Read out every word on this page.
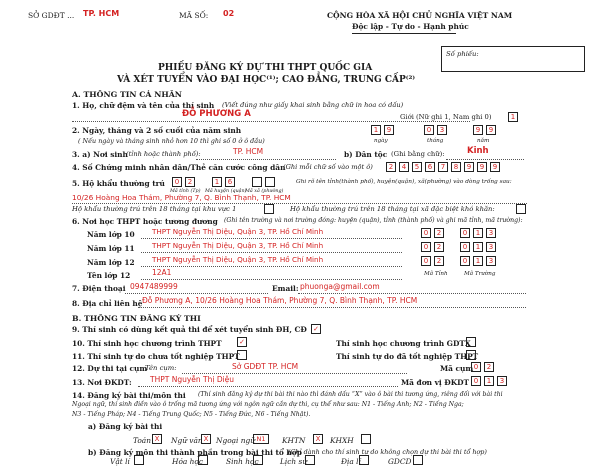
SỞ GDĐT ... TP. HCM	MÃ SỐ: 02	CỘNG HÒA XÃ HỘI CHỦ NGHĨA VIỆT NAM
Độc lập - Tự do - Hạnh phúc
Số phiếu:
PHIẾU ĐĂNG KÝ DỰ THI THPT QUỐC GIA
VÀ XÉT TUYỂN VÀO ĐẠI HỌC⁽¹⁾; CAO ĐẲNG, TRUNG CẤP⁽²⁾
A. THÔNG TIN CÁ NHÂN
1. Họ, chữ đệm và tên của thí sinh (Viết đúng như giấy khai sinh bằng chữ in hoa có dấu)
ĐỖ PHƯƠNG A	Giới (Nữ ghi 1, Nam ghi 0)	1
2. Ngày, tháng và 2 số cuối của năm sinh
( Nếu ngày và tháng sinh nhỏ hơn 10 thì ghi số 0 ở ô đầu)
1	9	0	3	9	9
ngày	tháng	năm
3. a) Nơi sinh
(tỉnh hoặc thành phố):	TP. HCM	b) Dân tộc (Ghi bằng chữ):	Kinh
4. Số Chứng minh nhân dân/Thẻ căn cước công dân
(Ghi mỗi chữ số vào một ô)	2	4	5	6	7	8	9	9	9
5. Hộ khẩu thường trú	0	2	1	6	Ghi rõ tên tỉnh(thành phố), huyện(quận), xã(phường) vào dòng trống sau:
Mã tỉnh (Tp) Mã huyện (quận)
Mã xã (phường)
10/26 Hoàng Hoa Thám, Phường 7, Q. Bình Thạnh, TP. HCM
Hộ khẩu thường trú trên 18 tháng tại khu vực 1	Hộ khẩu thường trú trên 18 tháng tại xã đặc biệt khó khăn:
6. Nơi học THPT hoặc tương đương (Ghi tên trường và nơi trường đóng: huyện (quận), tỉnh (thành phố) và ghi mã tỉnh, mã trường):
Năm lớp 10 THPT Nguyễn Thị Diệu, Quận 3, TP. Hồ Chí Minh	0	2	0	1	3
Năm lớp 11 THPT Nguyễn Thị Diệu, Quận 3, TP. Hồ Chí Minh	0	2	0	1	3
Năm lớp 12 THPT Nguyễn Thị Diệu, Quận 3, TP. Hồ Chí Minh	0	2	0	1	3
Tên lớp 12	12A1	Mã Tỉnh	Mã Trường
7. Điện thoại 0947489999	Email: phuonga@gmail.com
8. Địa chỉ liên hệ Đỗ Phương A, 10/26 Hoàng Hoa Thám, Phường 7, Q. Bình Thạnh, TP. HCM
B. THÔNG TIN ĐĂNG KÝ THI
9. Thí sinh có dùng kết quả thi để xét tuyển sinh ĐH, CĐ ✓
10. Thí sinh học chương trình THPT ✓	Thí sinh học chương trình GDTX
11. Thí sinh tự do chưa tốt nghiệp THPT	Thí sinh tự do đã tốt nghiệp THPT
12. Dự thi tại cụm
Tên cụm:	Sở GDĐT TP. HCM	Mã cụm 0	2
13. Nơi ĐKDT: THPT Nguyễn Thị Diệu	Mã đơn vị ĐKDT 0	1	3
14. Đăng ký bài thi/môn thi (Thí sinh đăng ký dự thi bài thi nào thì đánh dấu “X” vào ô bài thi tương ứng, riêng đối với bài thi
Ngoại ngữ, thí sinh điền vào ô trống mã tương ứng với ngôn ngữ cần dự thi, cụ thể như sau: N1 - Tiếng Anh; N2 - Tiếng Nga;
N3 - Tiếng Pháp; N4 - Tiếng Trung Quốc; N5 - Tiếng Đức, N6 - Tiếng Nhật).
a) Đăng ký bài thi
Toán X	Ngữ văn X	Ngoại ngữ N1	KHTN	X	KHXH
b) Đăng ký môn thi thành phần trong bài thi tổ hợp
(Chỉ dành cho thí sinh tự do không chọn dự thi bài thi tổ hợp)
Vật lí	Hóa học	Sinh học	Lịch sử	Địa lí	GDCD
